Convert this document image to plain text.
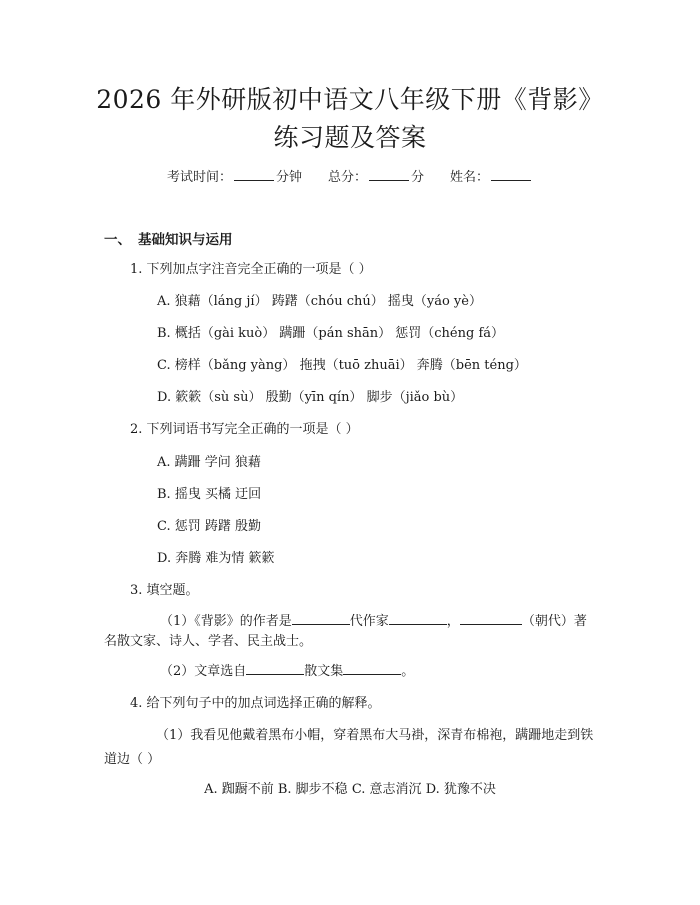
2026 年外研版初中语文八年级下册《背影》
练习题及答案
考试时间：	分钟 总分：	分 姓名：
一、 基础知识与运用
1. 下列加点字注音完全正确的一项是（ ）
A. 狼藉（láng jí） 踌躇（chóu chú） 摇曳（yáo yè）
B. 概括（gài kuò） 蹒跚（pán shān） 惩罚（chéng fá）
C. 榜样（bǎng yàng） 拖拽（tuō zhuāi） 奔腾（bēn téng）
D. 簌簌（sù sù） 殷勤（yīn qín） 脚步（jiǎo bù）
2. 下列词语书写完全正确的一项是（ ）
A. 蹒跚 学问 狼藉
B. 摇曳 买橘 迂回
C. 惩罚 踌躇 殷勤
D. 奔腾 难为情 簌簌
3. 填空题。
（1）《背影》的作者是	代作家	，	（朝代）著
名散文家、诗人、学者、民主战士。
（2）文章选自	散文集	。
4. 给下列句子中的加点词选择正确的解释。
（1）我看见他戴着黑布小帽，穿着黑布大马褂，深青布棉袍，蹒跚地走到铁道边（ ）
A. 踟蹰不前 B. 脚步不稳 C. 意志消沉 D. 犹豫不决
